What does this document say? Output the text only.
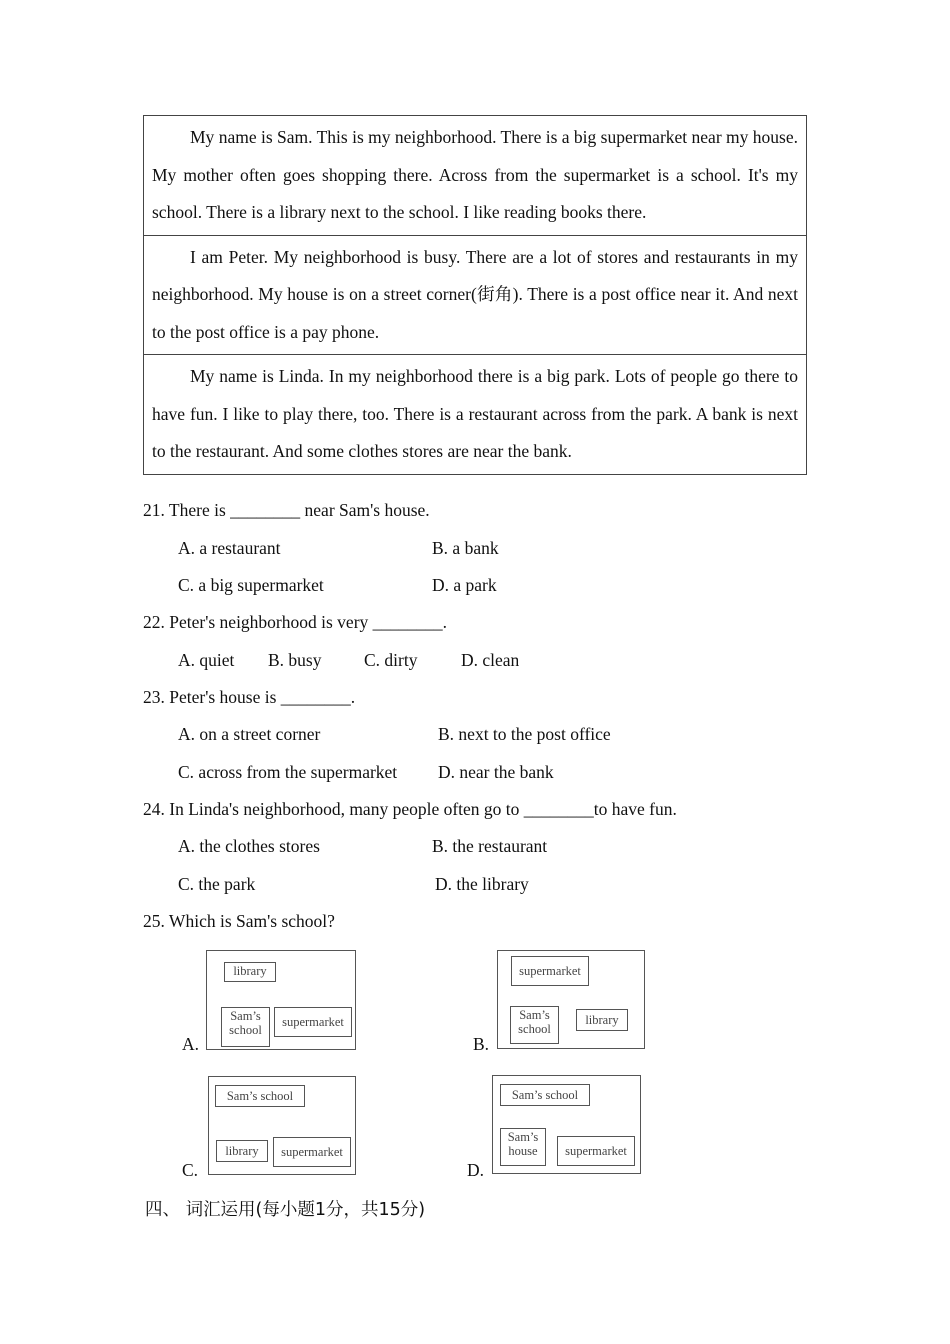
My name is Sam. This is my neighborhood. There is a big supermarket near my house. My mother often goes shopping there. Across from the supermarket is a school. It's my school. There is a library next to the school. I like reading books there.
I am Peter. My neighborhood is busy. There are a lot of stores and restaurants in my neighborhood. My house is on a street corner(街角). There is a post office near it. And next to the post office is a pay phone.
My name is Linda. In my neighborhood there is a big park. Lots of people go there to have fun. I like to play there, too. There is a restaurant across from the park. A bank is next to the restaurant. And some clothes stores are near the bank.
21. There is ________ near Sam's house.
A. a restaurant	B. a bank
C. a big supermarket	D. a park
22. Peter's neighborhood is very ________.
A. quiet B. busy C. dirty D. clean
23. Peter's house is ________.
A. on a street corner	B. next to the post office
C. across from the supermarket D. near the bank
24. In Linda's neighborhood, many people often go to ________to have fun.
A. the clothes stores	B. the restaurant
C. the park	D. the library
25. Which is Sam's school?
A.
library
Sam’s school
supermarket
B.
supermarket
Sam’s school
library
C.
Sam’s school
library	supermarket
D.
Sam’s school
Sam’s house	supermarket
四、 词汇运用(每小题1分，共15分)
